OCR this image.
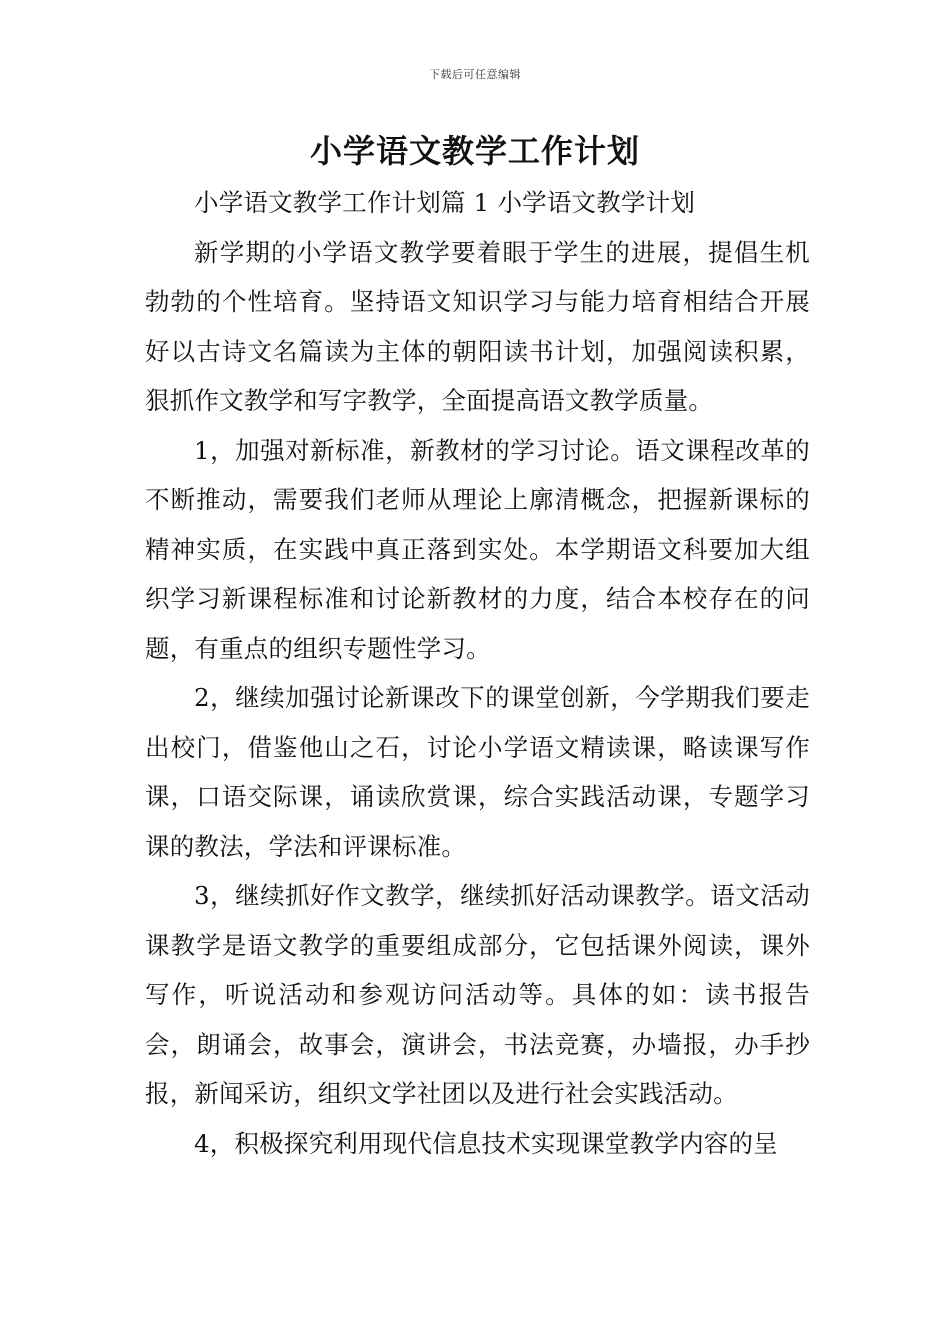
下载后可任意编辑
小学语文教学工作计划

小学语文教学工作计划篇 1 小学语文教学计划

新学期的小学语文教学要着眼于学生的进展，提倡生机勃勃的个性培育。坚持语文知识学习与能力培育相结合开展好以古诗文名篇读为主体的朝阳读书计划，加强阅读积累，狠抓作文教学和写字教学，全面提高语文教学质量。

1，加强对新标准，新教材的学习讨论。语文课程改革的不断推动，需要我们老师从理论上廓清概念，把握新课标的精神实质，在实践中真正落到实处。本学期语文科要加大组织学习新课程标准和讨论新教材的力度，结合本校存在的问题，有重点的组织专题性学习。

2，继续加强讨论新课改下的课堂创新，今学期我们要走出校门，借鉴他山之石，讨论小学语文精读课，略读课写作课，口语交际课，诵读欣赏课，综合实践活动课，专题学习课的教法，学法和评课标准。

3，继续抓好作文教学，继续抓好活动课教学。语文活动课教学是语文教学的重要组成部分，它包括课外阅读，课外写作，听说活动和参观访问活动等。具体的如：读书报告会，朗诵会，故事会，演讲会，书法竞赛，办墙报，办手抄报，新闻采访，组织文学社团以及进行社会实践活动。

4，积极探究利用现代信息技术实现课堂教学内容的呈
